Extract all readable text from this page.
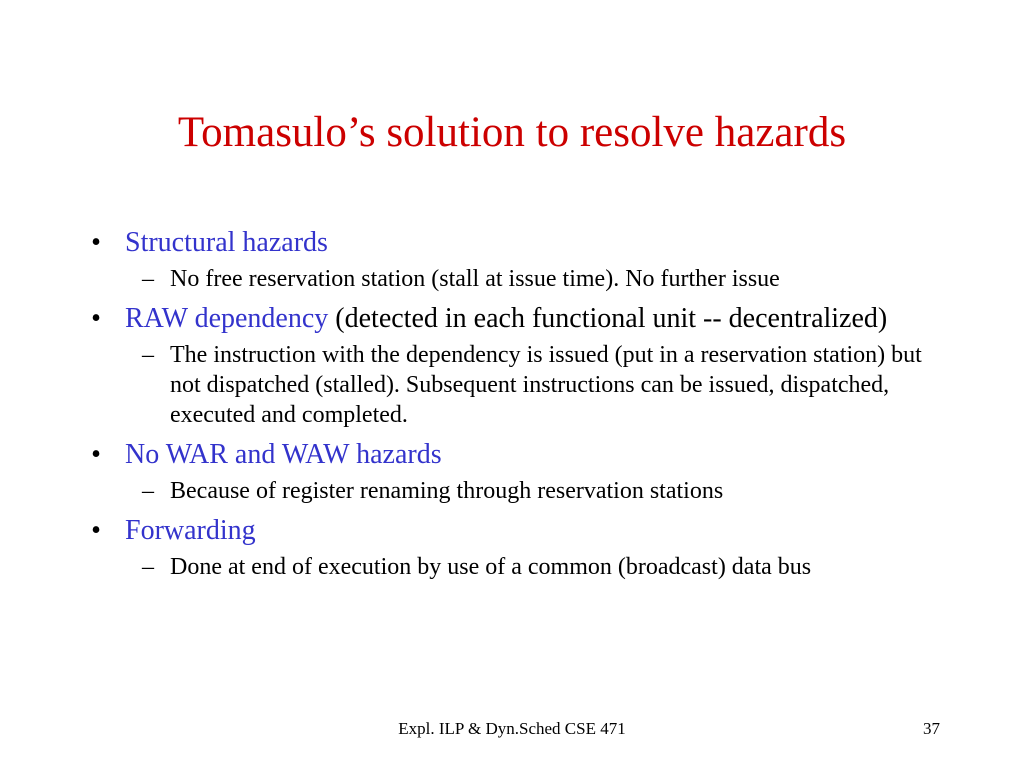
Tomasulo’s solution to resolve hazards
• Structural hazards
– No free reservation station (stall at issue time). No further issue
• RAW dependency (detected in each functional unit -- decentralized)
– The instruction with the dependency is issued (put in a reservation station) but not dispatched (stalled). Subsequent instructions can be issued, dispatched, executed and completed.
• No WAR and WAW hazards
– Because of register renaming through reservation stations
• Forwarding
– Done at end of execution by use of a common (broadcast) data bus
Expl. ILP & Dyn.Sched CSE 471	37
